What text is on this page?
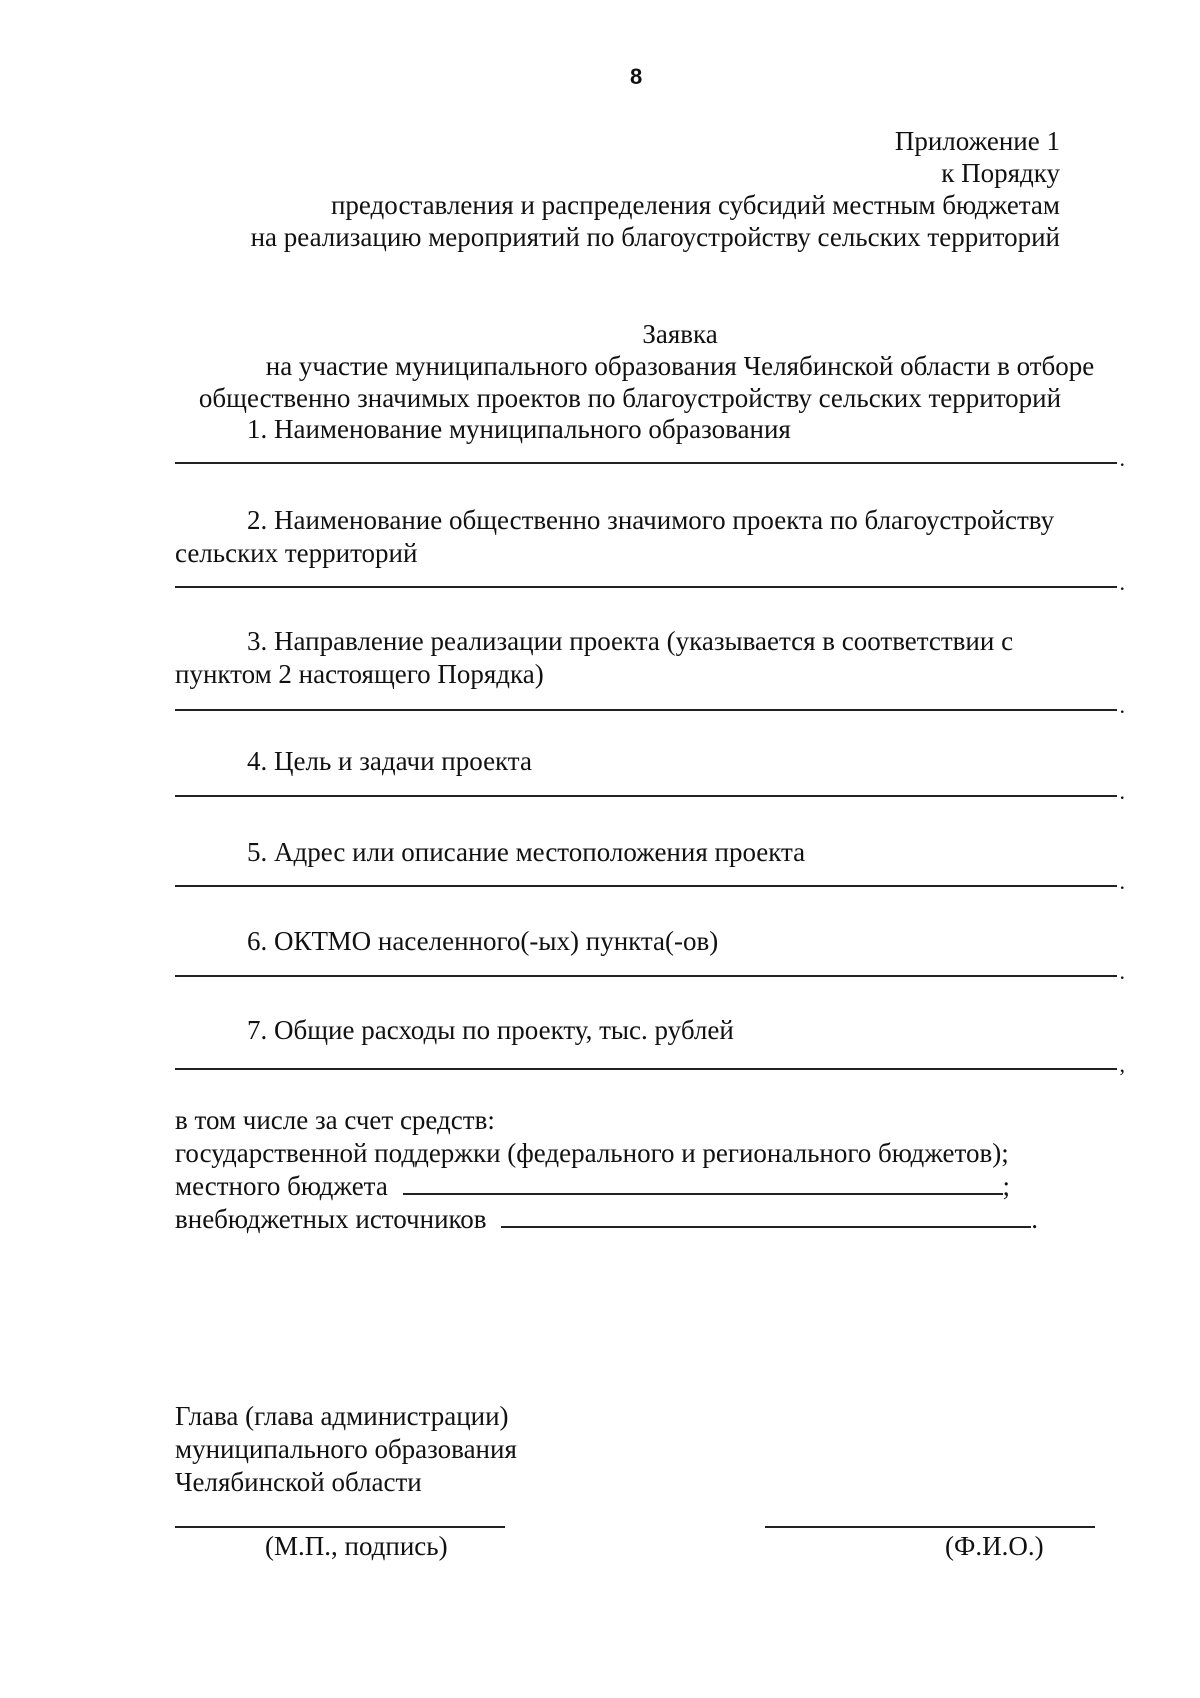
8
Приложение 1
к Порядку
предоставления и распределения субсидий местным бюджетам
на реализацию мероприятий по благоустройству сельских территорий
Заявка
на участие муниципального образования Челябинской области в отборе
общественно значимых проектов по благоустройству сельских территорий

1. Наименование муниципального образования

.

2. Наименование общественно значимого проекта по благоустройству

сельских территорий

.

3. Направление реализации проекта (указывается в соответствии с

пунктом 2 настоящего Порядка)

.

4. Цель и задачи проекта

.

5. Адрес или описание местоположения проекта

.

6. ОКТМО населенного(-ых) пункта(-ов)

.

7. Общие расходы по проекту, тыс. рублей

,
в том числе за счет средств:
государственной поддержки (федерального и регионального бюджетов);
местного бюджета	;
внебюджетных источников	.
Глава (глава администрации)
муниципального образования
Челябинской области
(М.П., подпись)	(Ф.И.О.)
